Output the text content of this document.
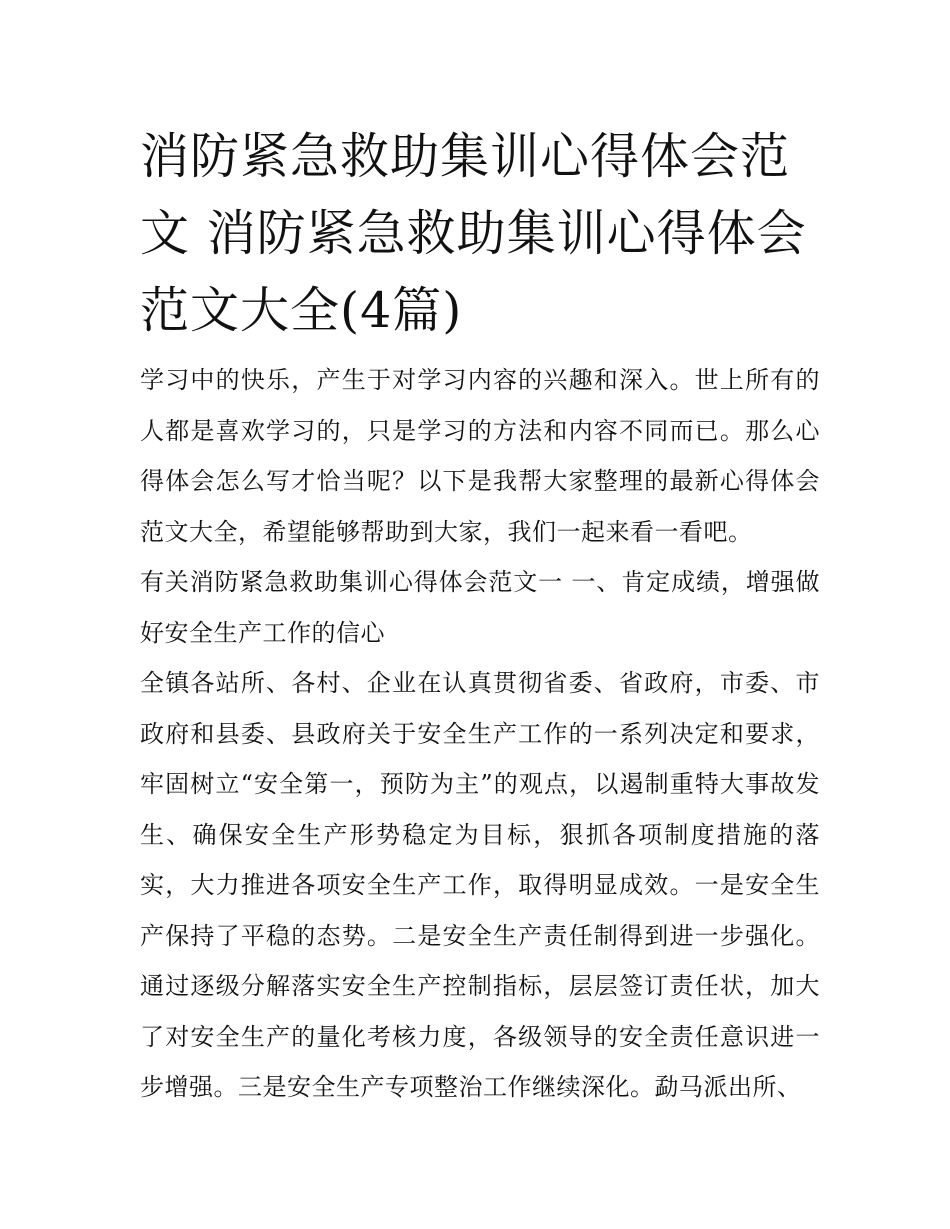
消防紧急救助集训心得体会范文 消防紧急救助集训心得体会范文大全(4篇)

学习中的快乐，产生于对学习内容的兴趣和深入。世上所有的人都是喜欢学习的，只是学习的方法和内容不同而已。那么心得体会怎么写才恰当呢？以下是我帮大家整理的最新心得体会范文大全，希望能够帮助到大家，我们一起来看一看吧。

有关消防紧急救助集训心得体会范文一 一、肯定成绩，增强做好安全生产工作的信心

全镇各站所、各村、企业在认真贯彻省委、省政府，市委、市政府和县委、县政府关于安全生产工作的一系列决定和要求，牢固树立“安全第一，预防为主”的观点，以遏制重特大事故发生、确保安全生产形势稳定为目标，狠抓各项制度措施的落实，大力推进各项安全生产工作，取得明显成效。一是安全生产保持了平稳的态势。二是安全生产责任制得到进一步强化。通过逐级分解落实安全生产控制指标，层层签订责任状，加大了对安全生产的量化考核力度，各级领导的安全责任意识进一步增强。三是安全生产专项整治工作继续深化。勐马派出所、
